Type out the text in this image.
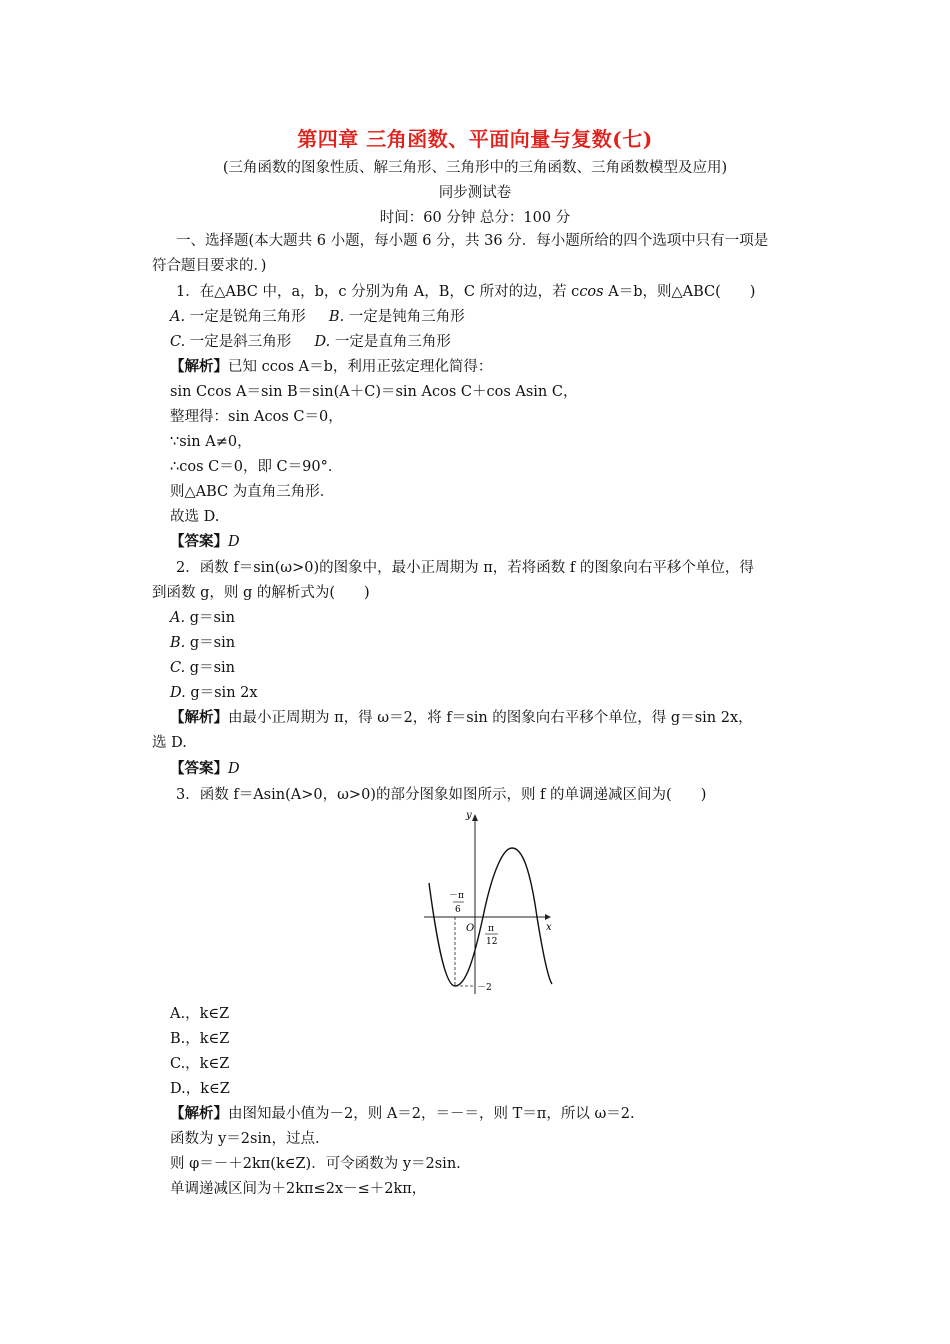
第四章 三角函数、平面向量与复数(七)
(三角函数的图象性质、解三角形、三角形中的三角函数、三角函数模型及应用)
同步测试卷
时间：60 分钟 总分：100 分
一、选择题(本大题共 6 小题，每小题 6 分，共 36 分．每小题所给的四个选项中只有一项是
符合题目要求的．)
1．在△ABC 中，a，b，c 分别为角 A，B，C 所对的边，若 ccos A＝b，则△ABC(　　)
A. 一定是锐角三角形 B. 一定是钝角三角形
C. 一定是斜三角形 D. 一定是直角三角形
【解析】已知 ccos A＝b，利用正弦定理化简得：
sin Ccos A＝sin B＝sin(A＋C)＝sin Acos C＋cos Asin C，
整理得：sin Acos C＝0，
∵sin A≠0，
∴cos C＝0，即 C＝90°．
则△ABC 为直角三角形．
故选 D.
【答案】D
2．函数 f＝sin(ω>0)的图象中，最小正周期为 π，若将函数 f 的图象向右平移个单位，得
到函数 g，则 g 的解析式为(　　)
A. g＝sin
B. g＝sin
C. g＝sin
D. g＝sin 2x
【解析】由最小正周期为 π，得 ω＝2，将 f＝sin 的图象向右平移个单位，得 g＝sin 2x，
选 D.
【答案】D
3．函数 f＝Asin(A>0，ω>0)的部分图象如图所示，则 f 的单调递减区间为(　　)
y
x
O
－π
6
π
12
－2
A.，k∈Z
B.，k∈Z
C.，k∈Z
D.，k∈Z
【解析】由图知最小值为－2，则 A＝2，＝－＝，则 T＝π，所以 ω＝2.
函数为 y＝2sin，过点.
则 φ＝－＋2kπ(k∈Z)．可令函数为 y＝2sin.
单调递减区间为＋2kπ≤2x－≤＋2kπ，
